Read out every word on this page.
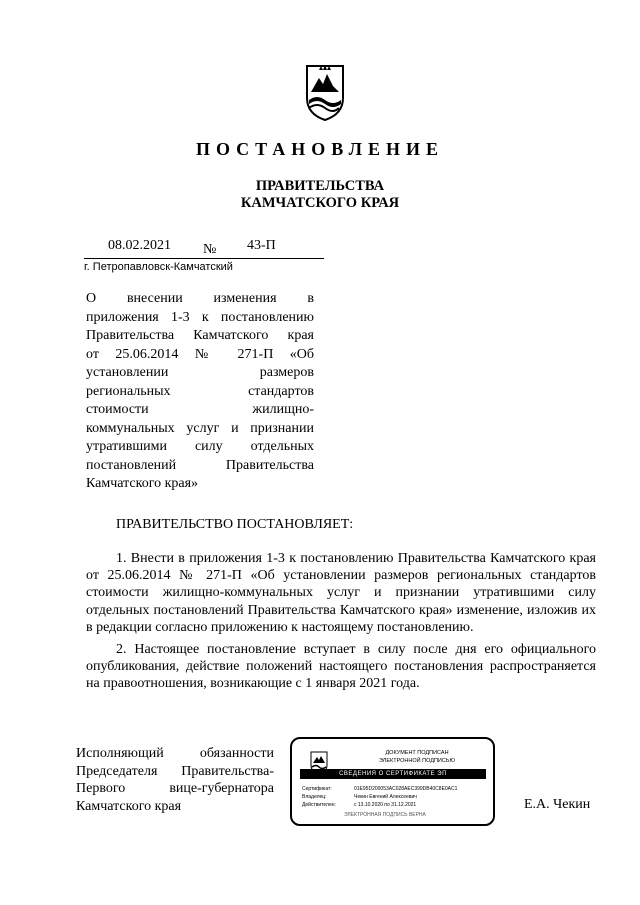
ПОСТАНОВЛЕНИЕ
ПРАВИТЕЛЬСТВА
КАМЧАТСКОГО КРАЯ
08.02.2021 № 43-П
г. Петропавловск-Камчатский
О внесении изменения в
приложения 1-3 к постановлению
Правительства Камчатского края
от 25.06.2014 № 271-П «Об
установлении размеров
региональных стандартов
стоимости жилищно-
коммунальных услуг и признании
утратившими силу отдельных
постановлений Правительства
Камчатского края»
ПРАВИТЕЛЬСТВО ПОСТАНОВЛЯЕТ:
1. Внести в приложения 1-3 к постановлению Правительства Камчатского края от 25.06.2014 № 271-П «Об установлении размеров региональных стандартов стоимости жилищно-коммунальных услуг и признании утратившими силу отдельных постановлений Правительства Камчатского края» изменение, изложив их в редакции согласно приложению к настоящему постановлению.
2. Настоящее постановление вступает в силу после дня его официального опубликования, действие положений настоящего постановления распространяется на правоотношения, возникающие с 1 января 2021 года.
Исполняющий обязанности
Председателя Правительства-
Первого вице-губернатора
Камчатского края
ДОКУМЕНТ ПОДПИСАН
ЭЛЕКТРОННОЙ ПОДПИСЬЮ
СВЕДЕНИЯ О СЕРТИФИКАТЕ ЭП
Сертификат:	01E95D200053AC028AEC399DB40C8E0AC1
Владелец:	Чекин Евгений Алексеевич
Действителен:	с 13.10.2020 по 31.12.2021
ЭЛЕКТРОННАЯ ПОДПИСЬ ВЕРНА
Е.А. Чекин
